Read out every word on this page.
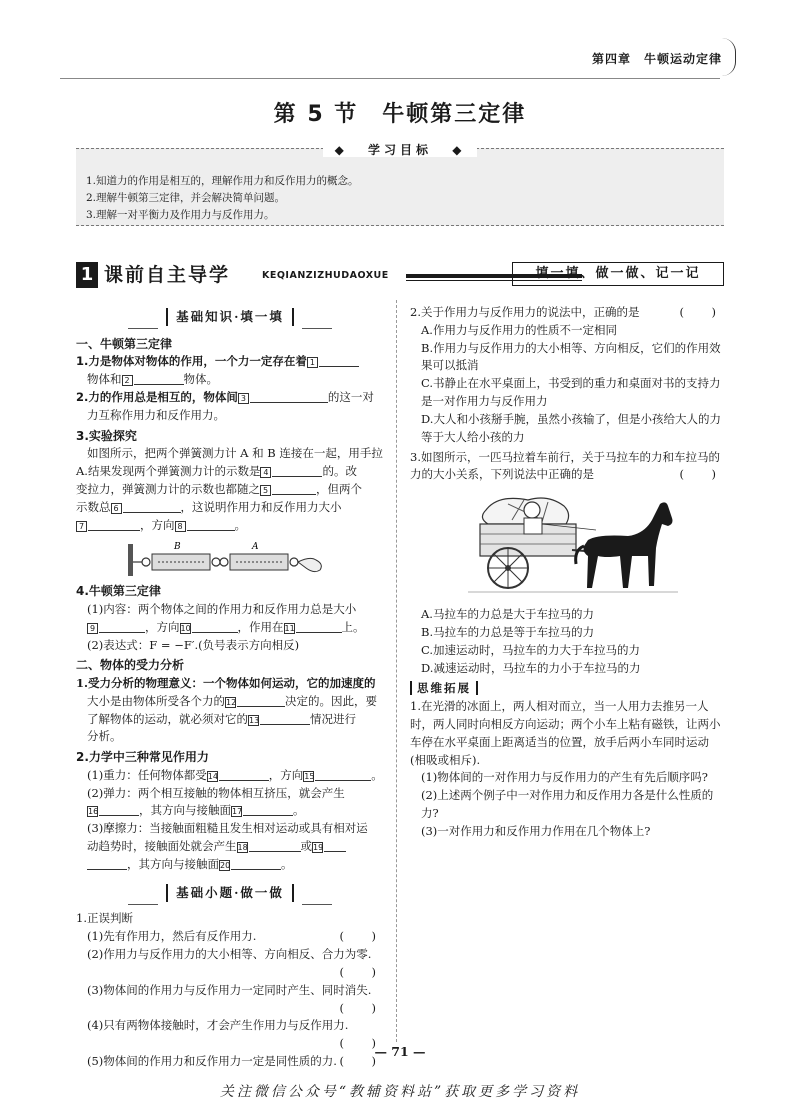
第四章　牛顿运动定律
第 5 节　牛顿第三定律
◆ 学习目标 ◆
1.知道力的作用是相互的，理解作用力和反作用力的概念。
2.理解牛顿第三定律，并会解决简单问题。
3.理解一对平衡力及作用力与反作用力。
1 课前自主导学	KEQIANZIZHUDAOXUE	填一填、做一做、记一记
基础知识·填一填
一、牛顿第三定律
1.力是物体对物体的作用，一个力一定存在着 1
物体和 2	物体。
2.力的作用总是相互的，物体间 3	的这一对
力互称作用力和反作用力。
3.实验探究
如图所示，把两个弹簧测力计 A 和 B 连接在一起，用手拉
A.结果发现两个弹簧测力计的示数是 4	的。改
变拉力，弹簧测力计的示数也都随之 5	，但两个
示数总 6	，这说明作用力和反作用力大小
7	，方向 8	。
B	A
4.牛顿第三定律
(1)内容：两个物体之间的作用力和反作用力总是大小
9	，方向10	，作用在11	上。
(2)表达式：F = −F′.(负号表示方向相反)
二、物体的受力分析
1.受力分析的物理意义：一个物体如何运动，它的加速度的
大小是由物体所受各个力的12	决定的。因此，要
了解物体的运动，就必须对它的13	情况进行
分析。
2.力学中三种常见作用力
(1)重力：任何物体都受14	，方向15	。
(2)弹力：两个相互接触的物体相互挤压，就会产生
16	，其方向与接触面17	。
(3)摩擦力：当接触面粗糙且发生相对运动或具有相对运
动趋势时，接触面处就会产生18	或19
，其方向与接触面20	。
基础小题·做一做
1.正误判断
(1)先有作用力，然后有反作用力.	(　)
(2)作用力与反作用力的大小相等、方向相反、合力为零.
(　)
(3)物体间的作用力与反作用力一定同时产生、同时消失.
(　)
(4)只有两物体接触时，才会产生作用力与反作用力.
(　)
(5)物体间的作用力和反作用力一定是同性质的力. (　)
2.关于作用力与反作用力的说法中，正确的是	(　)
A.作用力与反作用力的性质不一定相同
B.作用力与反作用力的大小相等、方向相反，它们的作用效果可以抵消
C.书静止在水平桌面上，书受到的重力和桌面对书的支持力是一对作用力与反作用力
D.大人和小孩掰手腕，虽然小孩输了，但是小孩给大人的力等于大人给小孩的力
3.如图所示，一匹马拉着车前行，关于马拉车的力和车拉马的力的大小关系，下列说法中正确的是	(　)
A.马拉车的力总是大于车拉马的力
B.马拉车的力总是等于车拉马的力
C.加速运动时，马拉车的力大于车拉马的力
D.减速运动时，马拉车的力小于车拉马的力
思维拓展
1.在光滑的冰面上，两人相对而立，当一人用力去推另一人时，两人同时向相反方向运动；两个小车上粘有磁铁，让两小车停在水平桌面上距离适当的位置，放手后两小车同时运动(相吸或相斥).
(1)物体间的一对作用力与反作用力的产生有先后顺序吗?
(2)上述两个例子中一对作用力和反作用力各是什么性质的力?
(3)一对作用力和反作用力作用在几个物体上?
— 71 —
关注微信公众号“教辅资料站”获取更多学习资料
